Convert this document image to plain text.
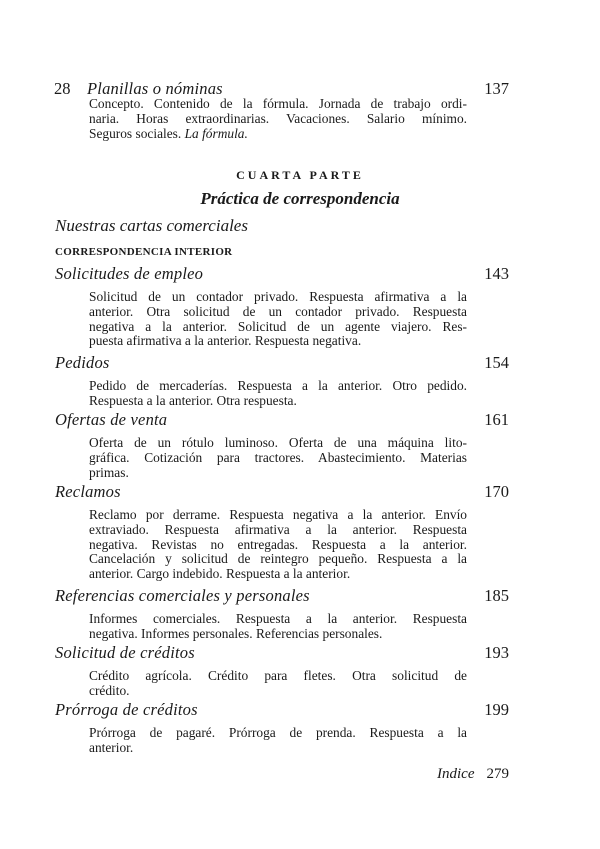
28 Planillas o nóminas	137
Concepto. Contenido de la fórmula. Jornada de trabajo ordi-
naria. Horas extraordinarias. Vacaciones. Salario mínimo.
Seguros sociales. La fórmula.
CUARTA PARTE
Práctica de correspondencia
Nuestras cartas comerciales
CORRESPONDENCIA INTERIOR
Solicitudes de empleo	143
Solicitud de un contador privado. Respuesta afirmativa a la
anterior. Otra solicitud de un contador privado. Respuesta
negativa a la anterior. Solicitud de un agente viajero. Res-
puesta afirmativa a la anterior. Respuesta negativa.
Pedidos	154
Pedido de mercaderías. Respuesta a la anterior. Otro pedido.
Respuesta a la anterior. Otra respuesta.
Ofertas de venta	161
Oferta de un rótulo luminoso. Oferta de una máquina lito-
gráfica. Cotización para tractores. Abastecimiento. Materias
primas.
Reclamos	170
Reclamo por derrame. Respuesta negativa a la anterior. Envío
extraviado. Respuesta afirmativa a la anterior. Respuesta
negativa. Revistas no entregadas. Respuesta a la anterior.
Cancelación y solicitud de reintegro pequeño. Respuesta a la
anterior. Cargo indebido. Respuesta a la anterior.
Referencias comerciales y personales	185
Informes comerciales. Respuesta a la anterior. Respuesta
negativa. Informes personales. Referencias personales.
Solicitud de créditos	193
Crédito agrícola. Crédito para fletes. Otra solicitud de
crédito.
Prórroga de créditos	199
Prórroga de pagaré. Prórroga de prenda. Respuesta a la
anterior.
Indice 279
